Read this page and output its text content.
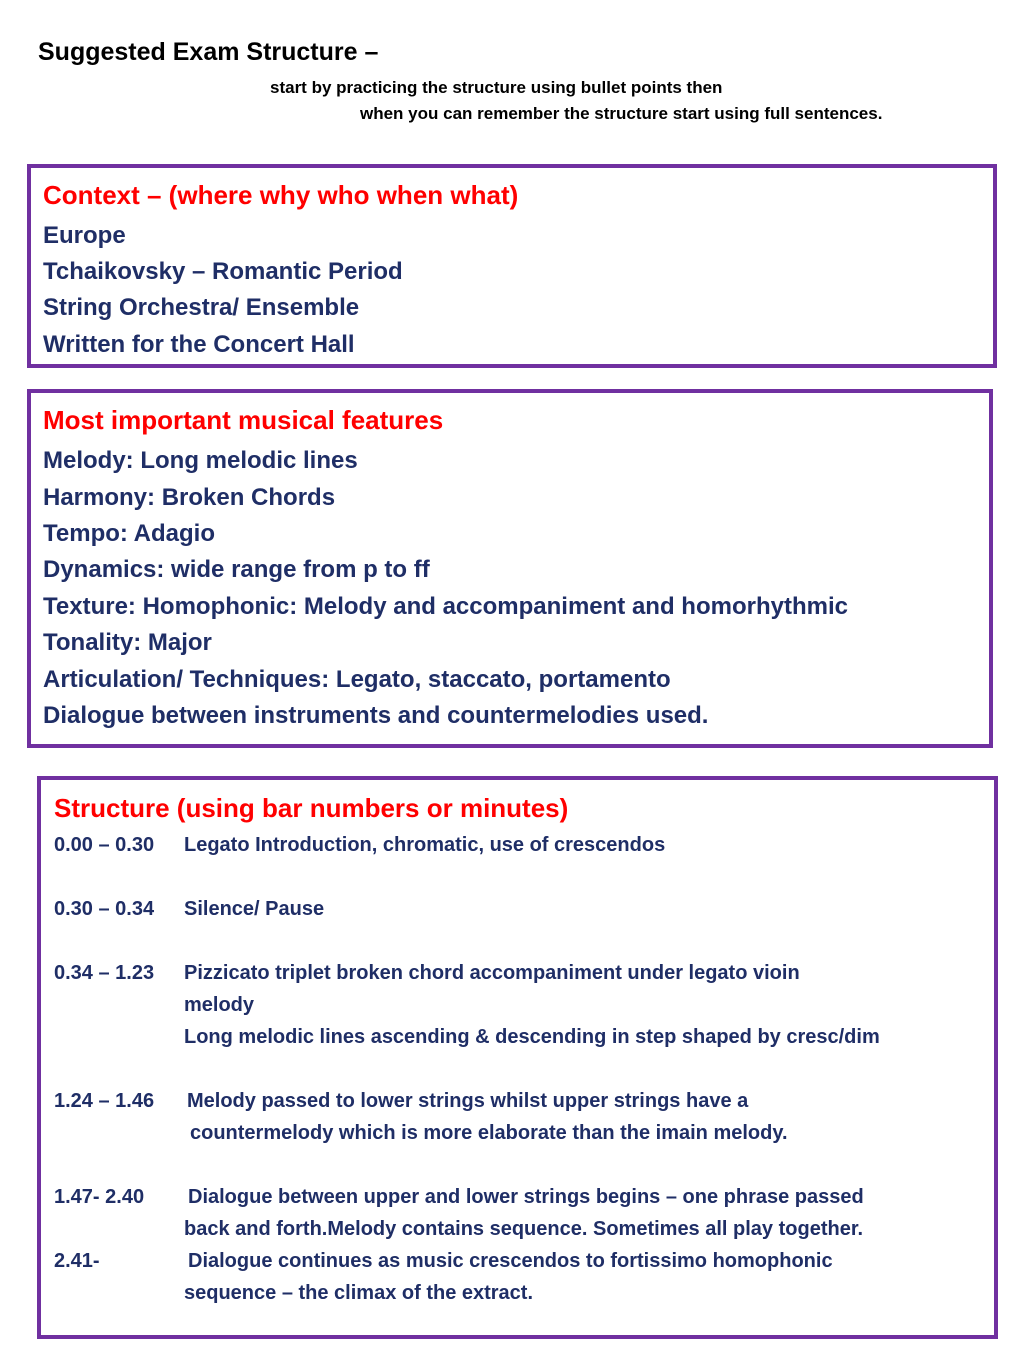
Suggested Exam Structure –
start by practicing the structure using bullet points then
when you can remember the structure start using full sentences.
Context – (where why who when what)
Europe
Tchaikovsky – Romantic Period
String Orchestra/ Ensemble
Written for the Concert Hall
Most important musical features
Melody: Long melodic lines
Harmony: Broken Chords
Tempo: Adagio
Dynamics: wide range from p to ff
Texture: Homophonic: Melody and accompaniment and homorhythmic
Tonality: Major
Articulation/ Techniques: Legato, staccato, portamento
Dialogue between instruments and countermelodies used.
Structure (using bar numbers or minutes)
0.00 – 0.30 Legato Introduction, chromatic, use of crescendos
0.30 – 0.34 Silence/ Pause
0.34 – 1.23 Pizzicato triplet broken chord accompaniment under legato vioin
melody
Long melodic lines ascending & descending in step shaped by cresc/dim
1.24 – 1.46 Melody passed to lower strings whilst upper strings have a
countermelody which is more elaborate than the imain melody.
1.47- 2.40 Dialogue between upper and lower strings begins – one phrase passed
back and forth.Melody contains sequence. Sometimes all play together.
2.41-	Dialogue continues as music crescendos to fortissimo homophonic
sequence – the climax of the extract.
